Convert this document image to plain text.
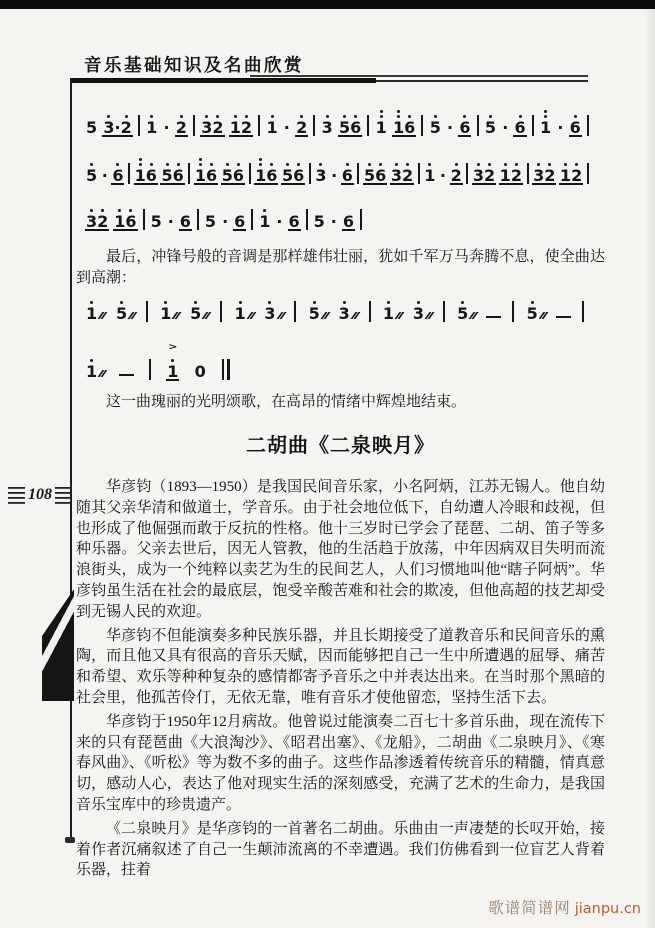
音乐基础知识及名曲欣赏
5 3 · 2 1 · 2 3 2 1 2 1 · 2 3 5 6 1 1 6 5 · 6 5 · 6 1 · 6
5 · 6 1 6 5 6 1 6 5 6 1 6 5 6 3 · 6 5 6 3 2 1 · 2 3 2 1 2 3 2 1 2
3 2 1 6 5 · 6 5 · 6 1 · 6 5 · 6
最后，冲锋号般的音调是那样雄伟壮丽，犹如千军万马奔腾不息，使全曲达到高潮：
1 5 1 5 1 3 5 3 1 3 5	5
1
>
1 0
这一曲瑰丽的光明颂歌，在高昂的情绪中辉煌地结束。
二胡曲《二泉映月》

华彦钧（1893—1950）是我国民间音乐家，小名阿炳，江苏无锡人。他自幼随其父亲华清和做道士，学音乐。由于社会地位低下，自幼遭人冷眼和歧视，但也形成了他倔强而敢于反抗的性格。他十三岁时已学会了琵琶、二胡、笛子等多种乐器。父亲去世后，因无人管教，他的生活趋于放荡，中年因病双目失明而流浪街头，成为一个纯粹以卖艺为生的民间艺人，人们习惯地叫他“瞎子阿炳”。华彦钧虽生活在社会的最底层，饱受辛酸苦难和社会的欺凌，但他高超的技艺却受到无锡人民的欢迎。

华彦钧不但能演奏多种民族乐器，并且长期接受了道教音乐和民间音乐的熏陶，而且他又具有很高的音乐天赋，因而能够把自己一生中所遭遇的屈辱、痛苦和希望、欢乐等种种复杂的感情都寄予音乐之中并表达出来。在当时那个黑暗的社会里，他孤苦伶仃，无依无靠，唯有音乐才使他留恋，坚持生活下去。

华彦钧于1950年12月病故。他曾说过能演奏二百七十多首乐曲，现在流传下来的只有琵琶曲《大浪淘沙》、《昭君出塞》、《龙船》，二胡曲《二泉映月》、《寒春风曲》、《听松》等为数不多的曲子。这些作品渗透着传统音乐的精髓，情真意切，感动人心，表达了他对现实生活的深刻感受，充满了艺术的生命力，是我国音乐宝库中的珍贵遗产。

《二泉映月》是华彦钧的一首著名二胡曲。乐曲由一声凄楚的长叹开始，接着作者沉痛叙述了自己一生颠沛流离的不幸遭遇。我们仿佛看到一位盲艺人背着乐器，拄着

108
歌谱简谱网 jianpu.cn
